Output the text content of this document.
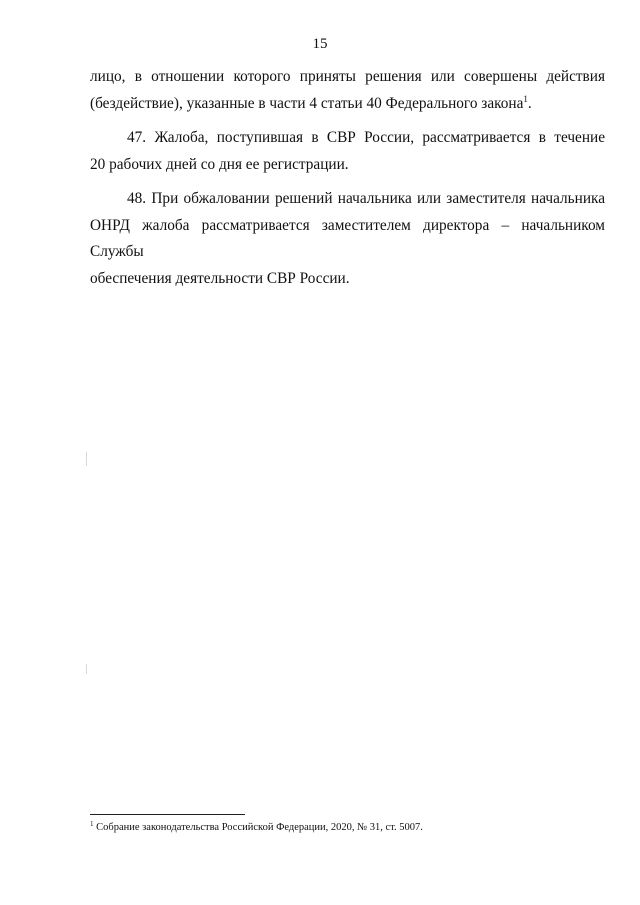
15

лицо, в отношении которого приняты решения или совершены действия
(бездействие), указанные в части 4 статьи 40 Федерального закона$^1$.

47. Жалоба, поступившая в СВР России, рассматривается в течение
20 рабочих дней со дня ее регистрации.

48. При обжаловании решений начальника или заместителя начальника
ОНРД жалоба рассматривается заместителем директора – начальником Службы
обеспечения деятельности СВР России.

$^1$ Собрание законодательства Российской Федерации, 2020, № 31, ст. 5007.
